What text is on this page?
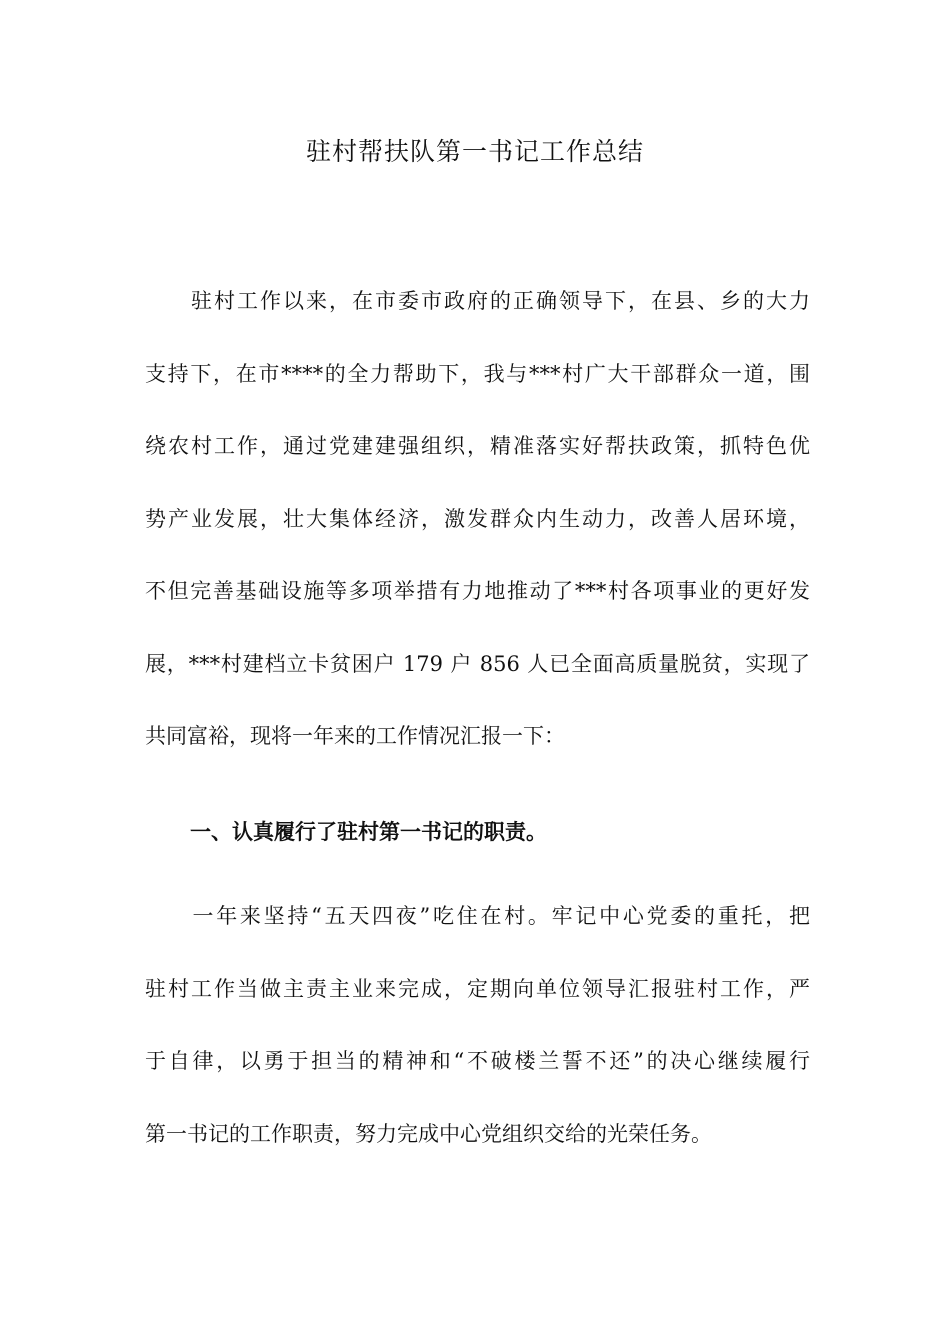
驻村帮扶队第一书记工作总结
　　驻村工作以来，在市委市政府的正确领导下，在县、乡的大力
支持下，在市****的全力帮助下，我与***村广大干部群众一道，围
绕农村工作，通过党建建强组织，精准落实好帮扶政策，抓特色优
势产业发展，壮大集体经济，激发群众内生动力，改善人居环境，
不但完善基础设施等多项举措有力地推动了***村各项事业的更好发
展，***村建档立卡贫困户 179 户 856 人已全面高质量脱贫，实现了
共同富裕，现将一年来的工作情况汇报一下：
一、认真履行了驻村第一书记的职责。
　　一年来坚持“五天四夜”吃住在村。牢记中心党委的重托，把
驻村工作当做主责主业来完成，定期向单位领导汇报驻村工作，严
于自律，以勇于担当的精神和“不破楼兰誓不还”的决心继续履行
第一书记的工作职责，努力完成中心党组织交给的光荣任务。
